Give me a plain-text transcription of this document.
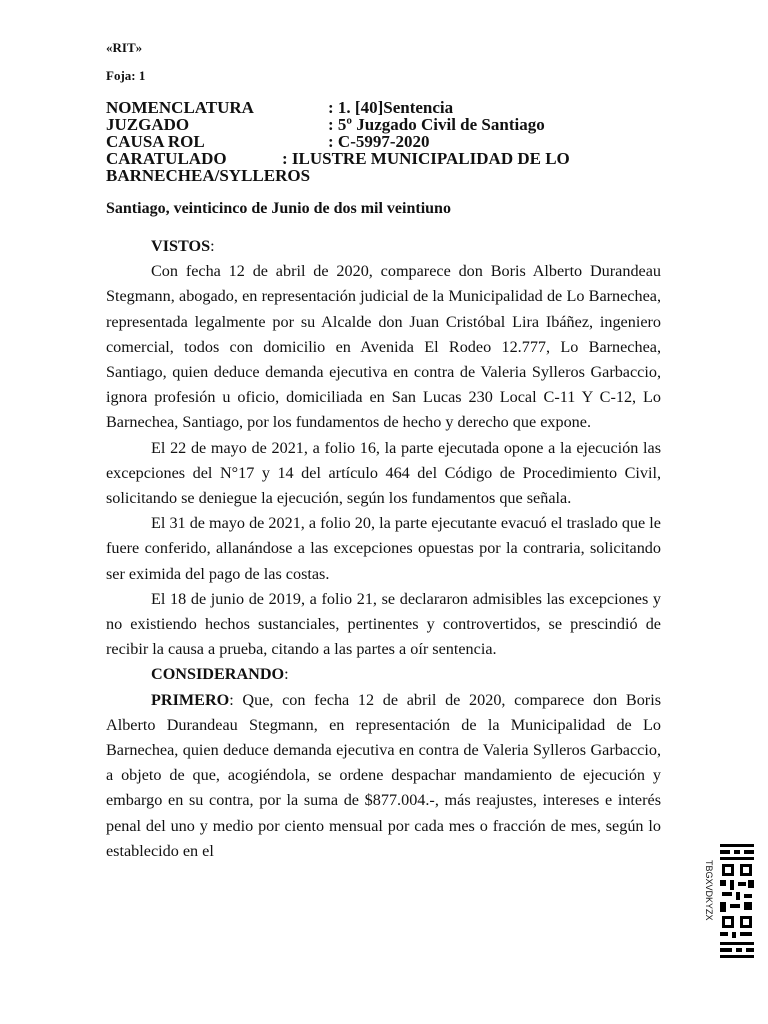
«RIT»
Foja: 1
NOMENCLATURA	: 1. [40]Sentencia
JUZGADO	: 5º Juzgado Civil de Santiago
CAUSA ROL	: C-5997-2020
CARATULADO	: ILUSTRE MUNICIPALIDAD DE LO
BARNECHEA/SYLLEROS
Santiago, veinticinco de Junio de dos mil veintiuno

VISTOS:

Con fecha 12 de abril de 2020, comparece don Boris Alberto Durandeau Stegmann, abogado, en representación judicial de la Municipalidad de Lo Barnechea, representada legalmente por su Alcalde don Juan Cristóbal Lira Ibáñez, ingeniero comercial, todos con domicilio en Avenida El Rodeo 12.777, Lo Barnechea, Santiago, quien deduce demanda ejecutiva en contra de Valeria Sylleros Garbaccio, ignora profesión u oficio, domiciliada en San Lucas 230 Local C-11 Y C-12, Lo Barnechea, Santiago, por los fundamentos de hecho y derecho que expone.

El 22 de mayo de 2021, a folio 16, la parte ejecutada opone a la ejecución las excepciones del N°17 y 14 del artículo 464 del Código de Procedimiento Civil, solicitando se deniegue la ejecución, según los fundamentos que señala.

El 31 de mayo de 2021, a folio 20, la parte ejecutante evacuó el traslado que le fuere conferido, allanándose a las excepciones opuestas por la contraria, solicitando ser eximida del pago de las costas.

El 18 de junio de 2019, a folio 21, se declararon admisibles las excepciones y no existiendo hechos sustanciales, pertinentes y controvertidos, se prescindió de recibir la causa a prueba, citando a las partes a oír sentencia.

CONSIDERANDO:

PRIMERO: Que, con fecha 12 de abril de 2020, comparece don Boris Alberto Durandeau Stegmann, en representación de la Municipalidad de Lo Barnechea, quien deduce demanda ejecutiva en contra de Valeria Sylleros Garbaccio, a objeto de que, acogiéndola, se ordene despachar mandamiento de ejecución y embargo en su contra, por la suma de $877.004.-, más reajustes, intereses e interés penal del uno y medio por ciento mensual por cada mes o fracción de mes, según lo establecido en el

TBGXVDKYZX
